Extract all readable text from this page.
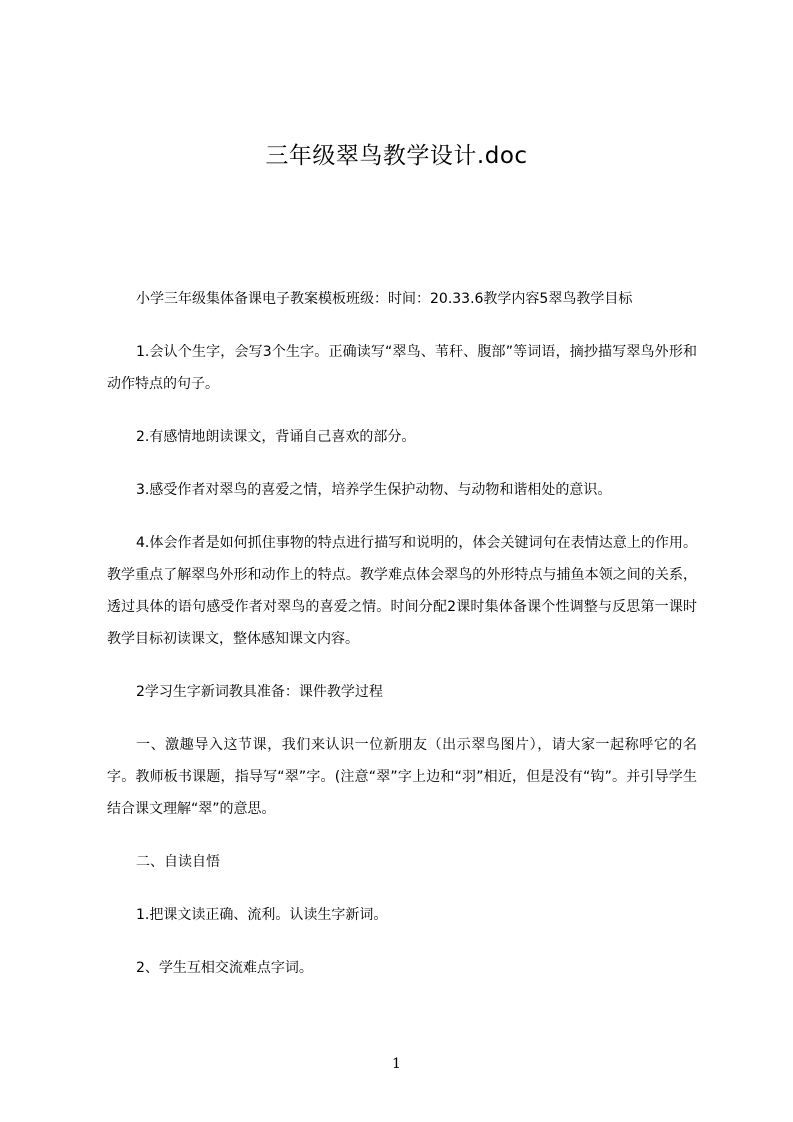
三年级翠鸟教学设计.doc

小学三年级集体备课电子教案模板班级：时间：20.33.6教学内容5翠鸟教学目标

1.会认个生字，会写3个生字。正确读写“翠鸟、苇秆、腹部”等词语，摘抄描写翠鸟外形和动作特点的句子。

2.有感情地朗读课文，背诵自己喜欢的部分。

3.感受作者对翠鸟的喜爱之情，培养学生保护动物、与动物和谐相处的意识。

4.体会作者是如何抓住事物的特点进行描写和说明的，体会关键词句在表情达意上的作用。教学重点了解翠鸟外形和动作上的特点。教学难点体会翠鸟的外形特点与捕鱼本领之间的关系，透过具体的语句感受作者对翠鸟的喜爱之情。时间分配2课时集体备课个性调整与反思第一课时教学目标初读课文，整体感知课文内容。

2学习生字新词教具准备：课件教学过程

一、激趣导入这节课，我们来认识一位新朋友（出示翠鸟图片），请大家一起称呼它的名字。教师板书课题，指导写“翠”字。(注意“翠”字上边和“羽”相近，但是没有“钩”。并引导学生结合课文理解“翠”的意思。

二、自读自悟

1.把课文读正确、流利。认读生字新词。

2、学生互相交流难点字词。

1
